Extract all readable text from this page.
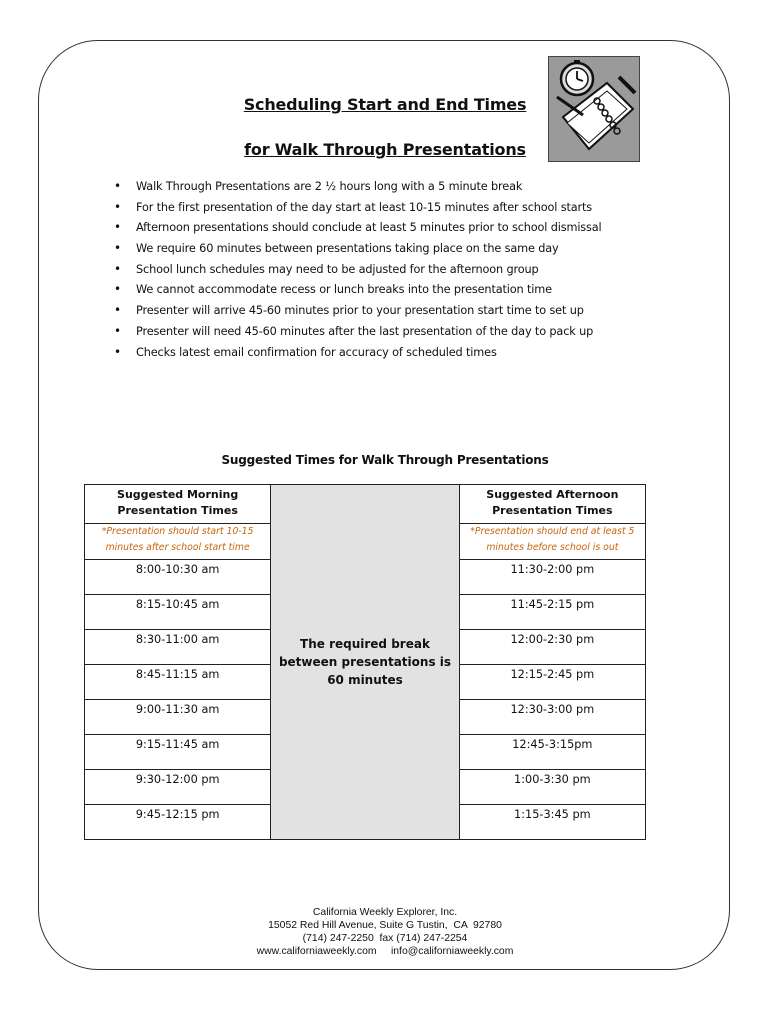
Scheduling Start and End Times
for Walk Through Presentations
• Walk Through Presentations are 2 ½ hours long with a 5 minute break
• For the first presentation of the day start at least 10-15 minutes after school starts
• Afternoon presentations should conclude at least 5 minutes prior to school dismissal
• We require 60 minutes between presentations taking place on the same day
• School lunch schedules may need to be adjusted for the afternoon group
• We cannot accommodate recess or lunch breaks into the presentation time
• Presenter will arrive 45-60 minutes prior to your presentation start time to set up
• Presenter will need 45-60 minutes after the last presentation of the day to pack up
• Checks latest email confirmation for accuracy of scheduled times
Suggested Times for Walk Through Presentations
Suggested Morning Presentation Times	The required break between presentations is 60 minutes	Suggested Afternoon Presentation Times
*Presentation should start 10-15 minutes after school start time		*Presentation should end at least 5 minutes before school is out
8:00-10:30 am		11:30-2:00 pm
8:15-10:45 am		11:45-2:15 pm
8:30-11:00 am		12:00-2:30 pm
8:45-11:15 am		12:15-2:45 pm
9:00-11:30 am		12:30-3:00 pm
9:15-11:45 am		12:45-3:15pm
9:30-12:00 pm		1:00-3:30 pm
9:45-12:15 pm		1:15-3:45 pm
California Weekly Explorer, Inc.
15052 Red Hill Avenue, Suite G Tustin,  CA  92780
(714) 247-2250  fax (714) 247-2254
www.californiaweekly.com     info@californiaweekly.com
